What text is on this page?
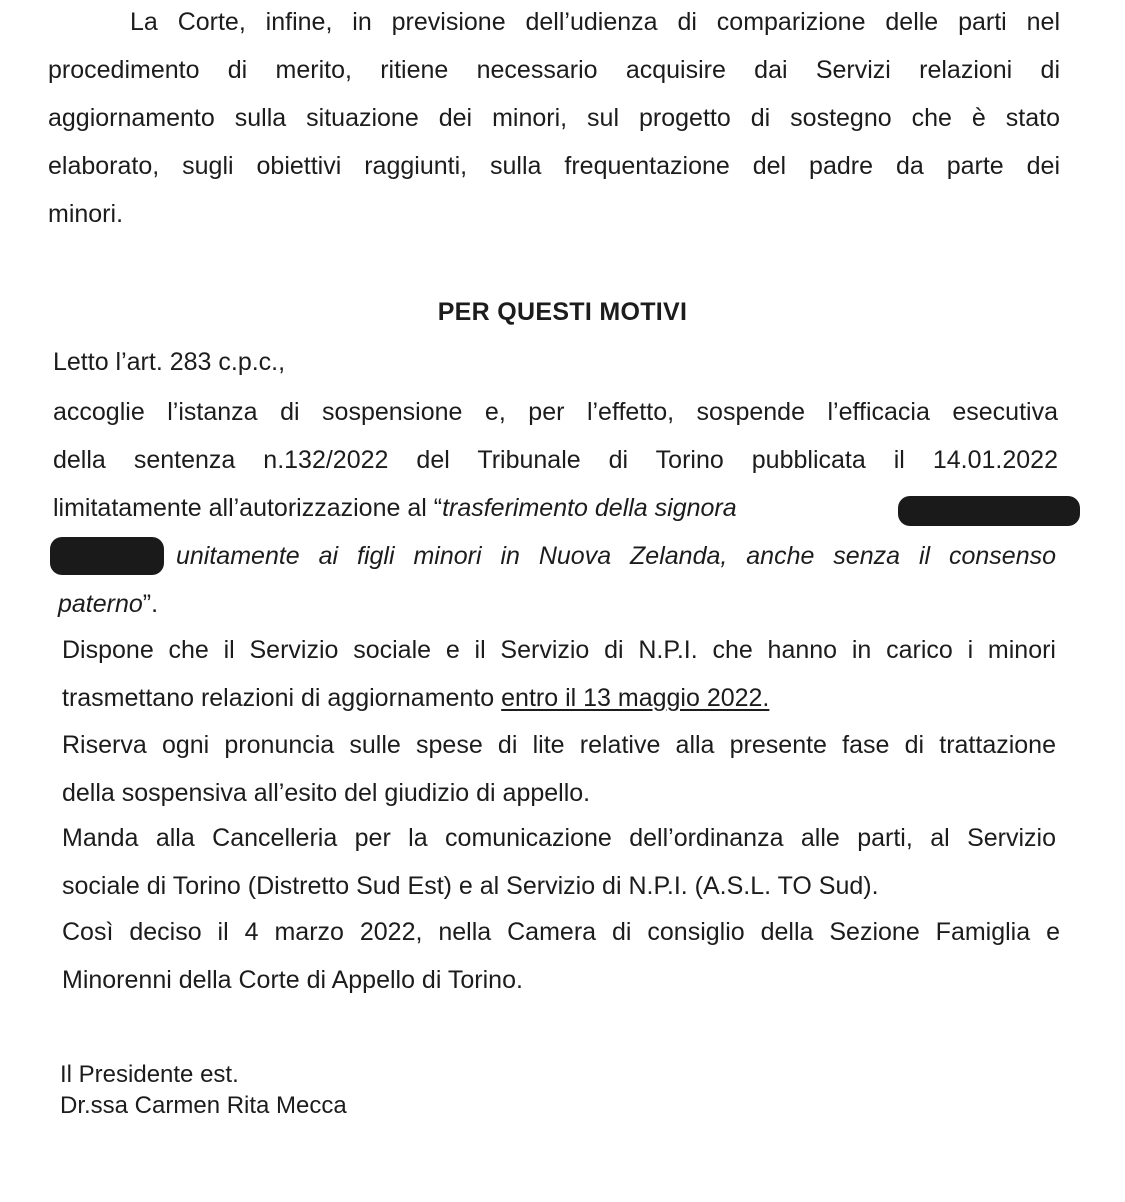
La Corte, infine, in previsione dell’udienza di comparizione delle parti nel
procedimento di merito, ritiene necessario acquisire dai Servizi relazioni di
aggiornamento sulla situazione dei minori, sul progetto di sostegno che è stato
elaborato, sugli obiettivi raggiunti, sulla frequentazione del padre da parte dei
minori.
PER QUESTI MOTIVI
Letto l’art. 283 c.p.c.,
accoglie l’istanza di sospensione e, per l’effetto, sospende l’efficacia esecutiva
della sentenza n.132/2022 del Tribunale di Torino pubblicata il 14.01.2022
limitatamente all’autorizzazione al “trasferimento della signora
unitamente ai figli minori in Nuova Zelanda, anche senza il consenso
paterno”.
Dispone che il Servizio sociale e il Servizio di N.P.I. che hanno in carico i minori
trasmettano relazioni di aggiornamento entro il 13 maggio 2022.
Riserva ogni pronuncia sulle spese di lite relative alla presente fase di trattazione
della sospensiva all’esito del giudizio di appello.
Manda alla Cancelleria per la comunicazione dell’ordinanza alle parti, al Servizio
sociale di Torino (Distretto Sud Est) e al Servizio di N.P.I. (A.S.L. TO Sud).
Così deciso il 4 marzo 2022, nella Camera di consiglio della Sezione Famiglia e
Minorenni della Corte di Appello di Torino.
Il Presidente est.
Dr.ssa Carmen Rita Mecca
